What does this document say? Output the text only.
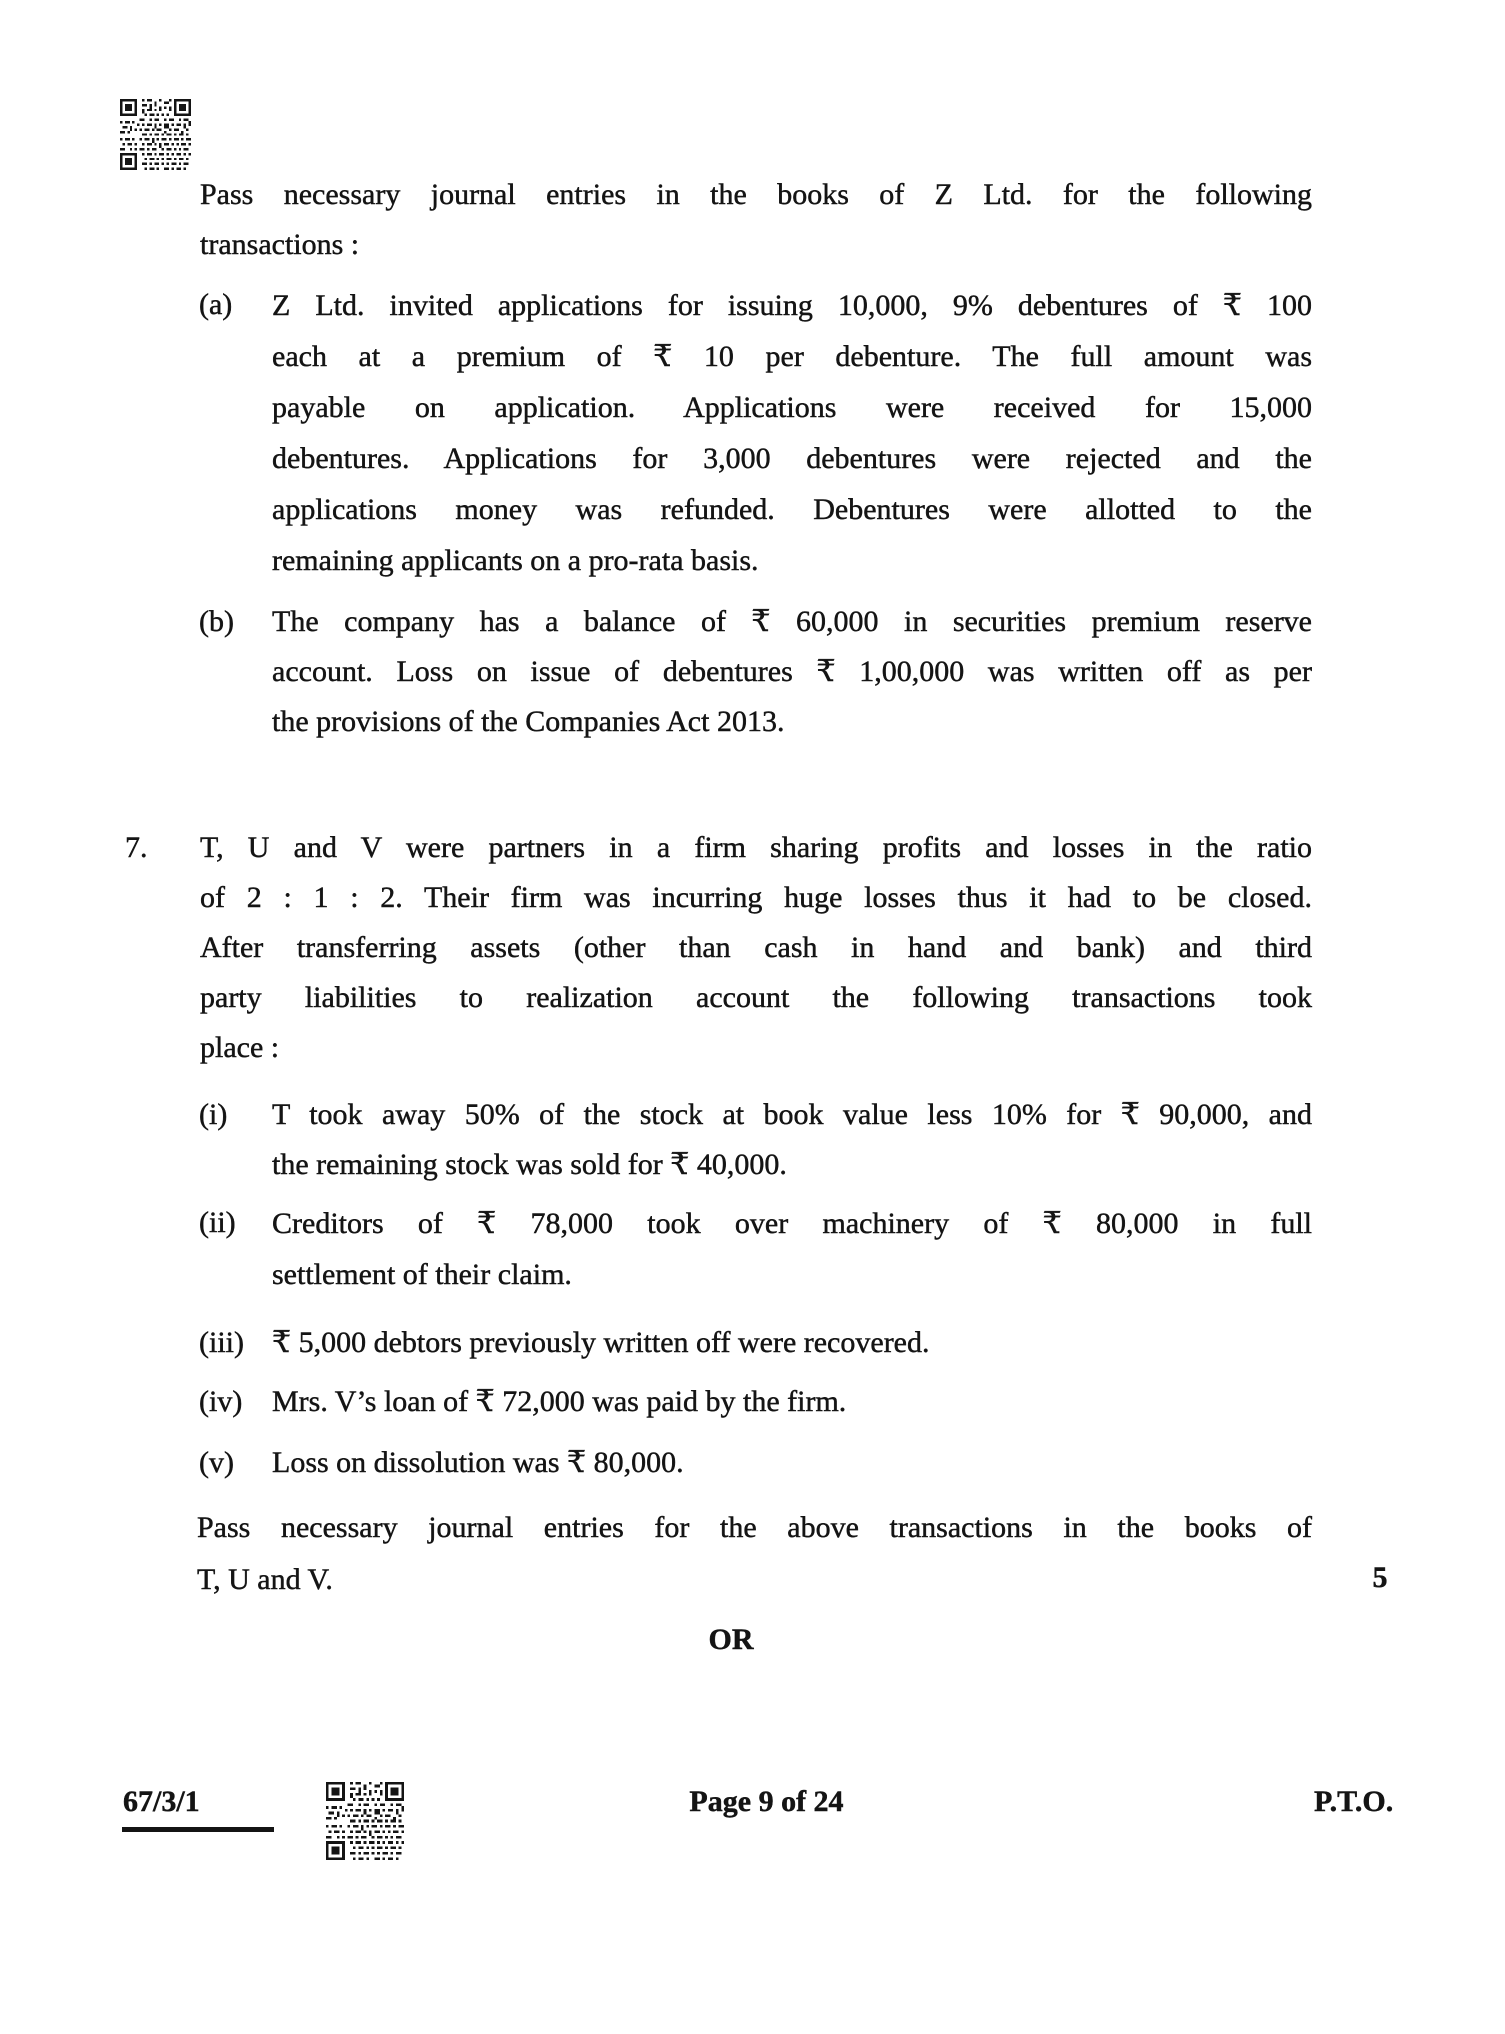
Pass necessary journal entries in the books of Z Ltd. for the following
transactions :
(a) Z Ltd. invited applications for issuing 10,000, 9% debentures of ₹ 100
each at a premium of ₹ 10 per debenture. The full amount was
payable on application. Applications were received for 15,000
debentures. Applications for 3,000 debentures were rejected and the
applications money was refunded. Debentures were allotted to the
remaining applicants on a pro-rata basis.
(b) The company has a balance of ₹ 60,000 in securities premium reserve
account. Loss on issue of debentures ₹ 1,00,000 was written off as per
the provisions of the Companies Act 2013.
7. T, U and V were partners in a firm sharing profits and losses in the ratio
of 2 : 1 : 2. Their firm was incurring huge losses thus it had to be closed.
After transferring assets (other than cash in hand and bank) and third
party liabilities to realization account the following transactions took
place :
(i) T took away 50% of the stock at book value less 10% for ₹ 90,000, and
the remaining stock was sold for ₹ 40,000.
(ii) Creditors of ₹ 78,000 took over machinery of ₹ 80,000 in full
settlement of their claim.
(iii) ₹ 5,000 debtors previously written off were recovered.
(iv) Mrs. V’s loan of ₹ 72,000 was paid by the firm.
(v) Loss on dissolution was ₹ 80,000.
Pass necessary journal entries for the above transactions in the books of
T, U and V.	5
OR
67/3/1	Page 9 of 24	P.T.O.
